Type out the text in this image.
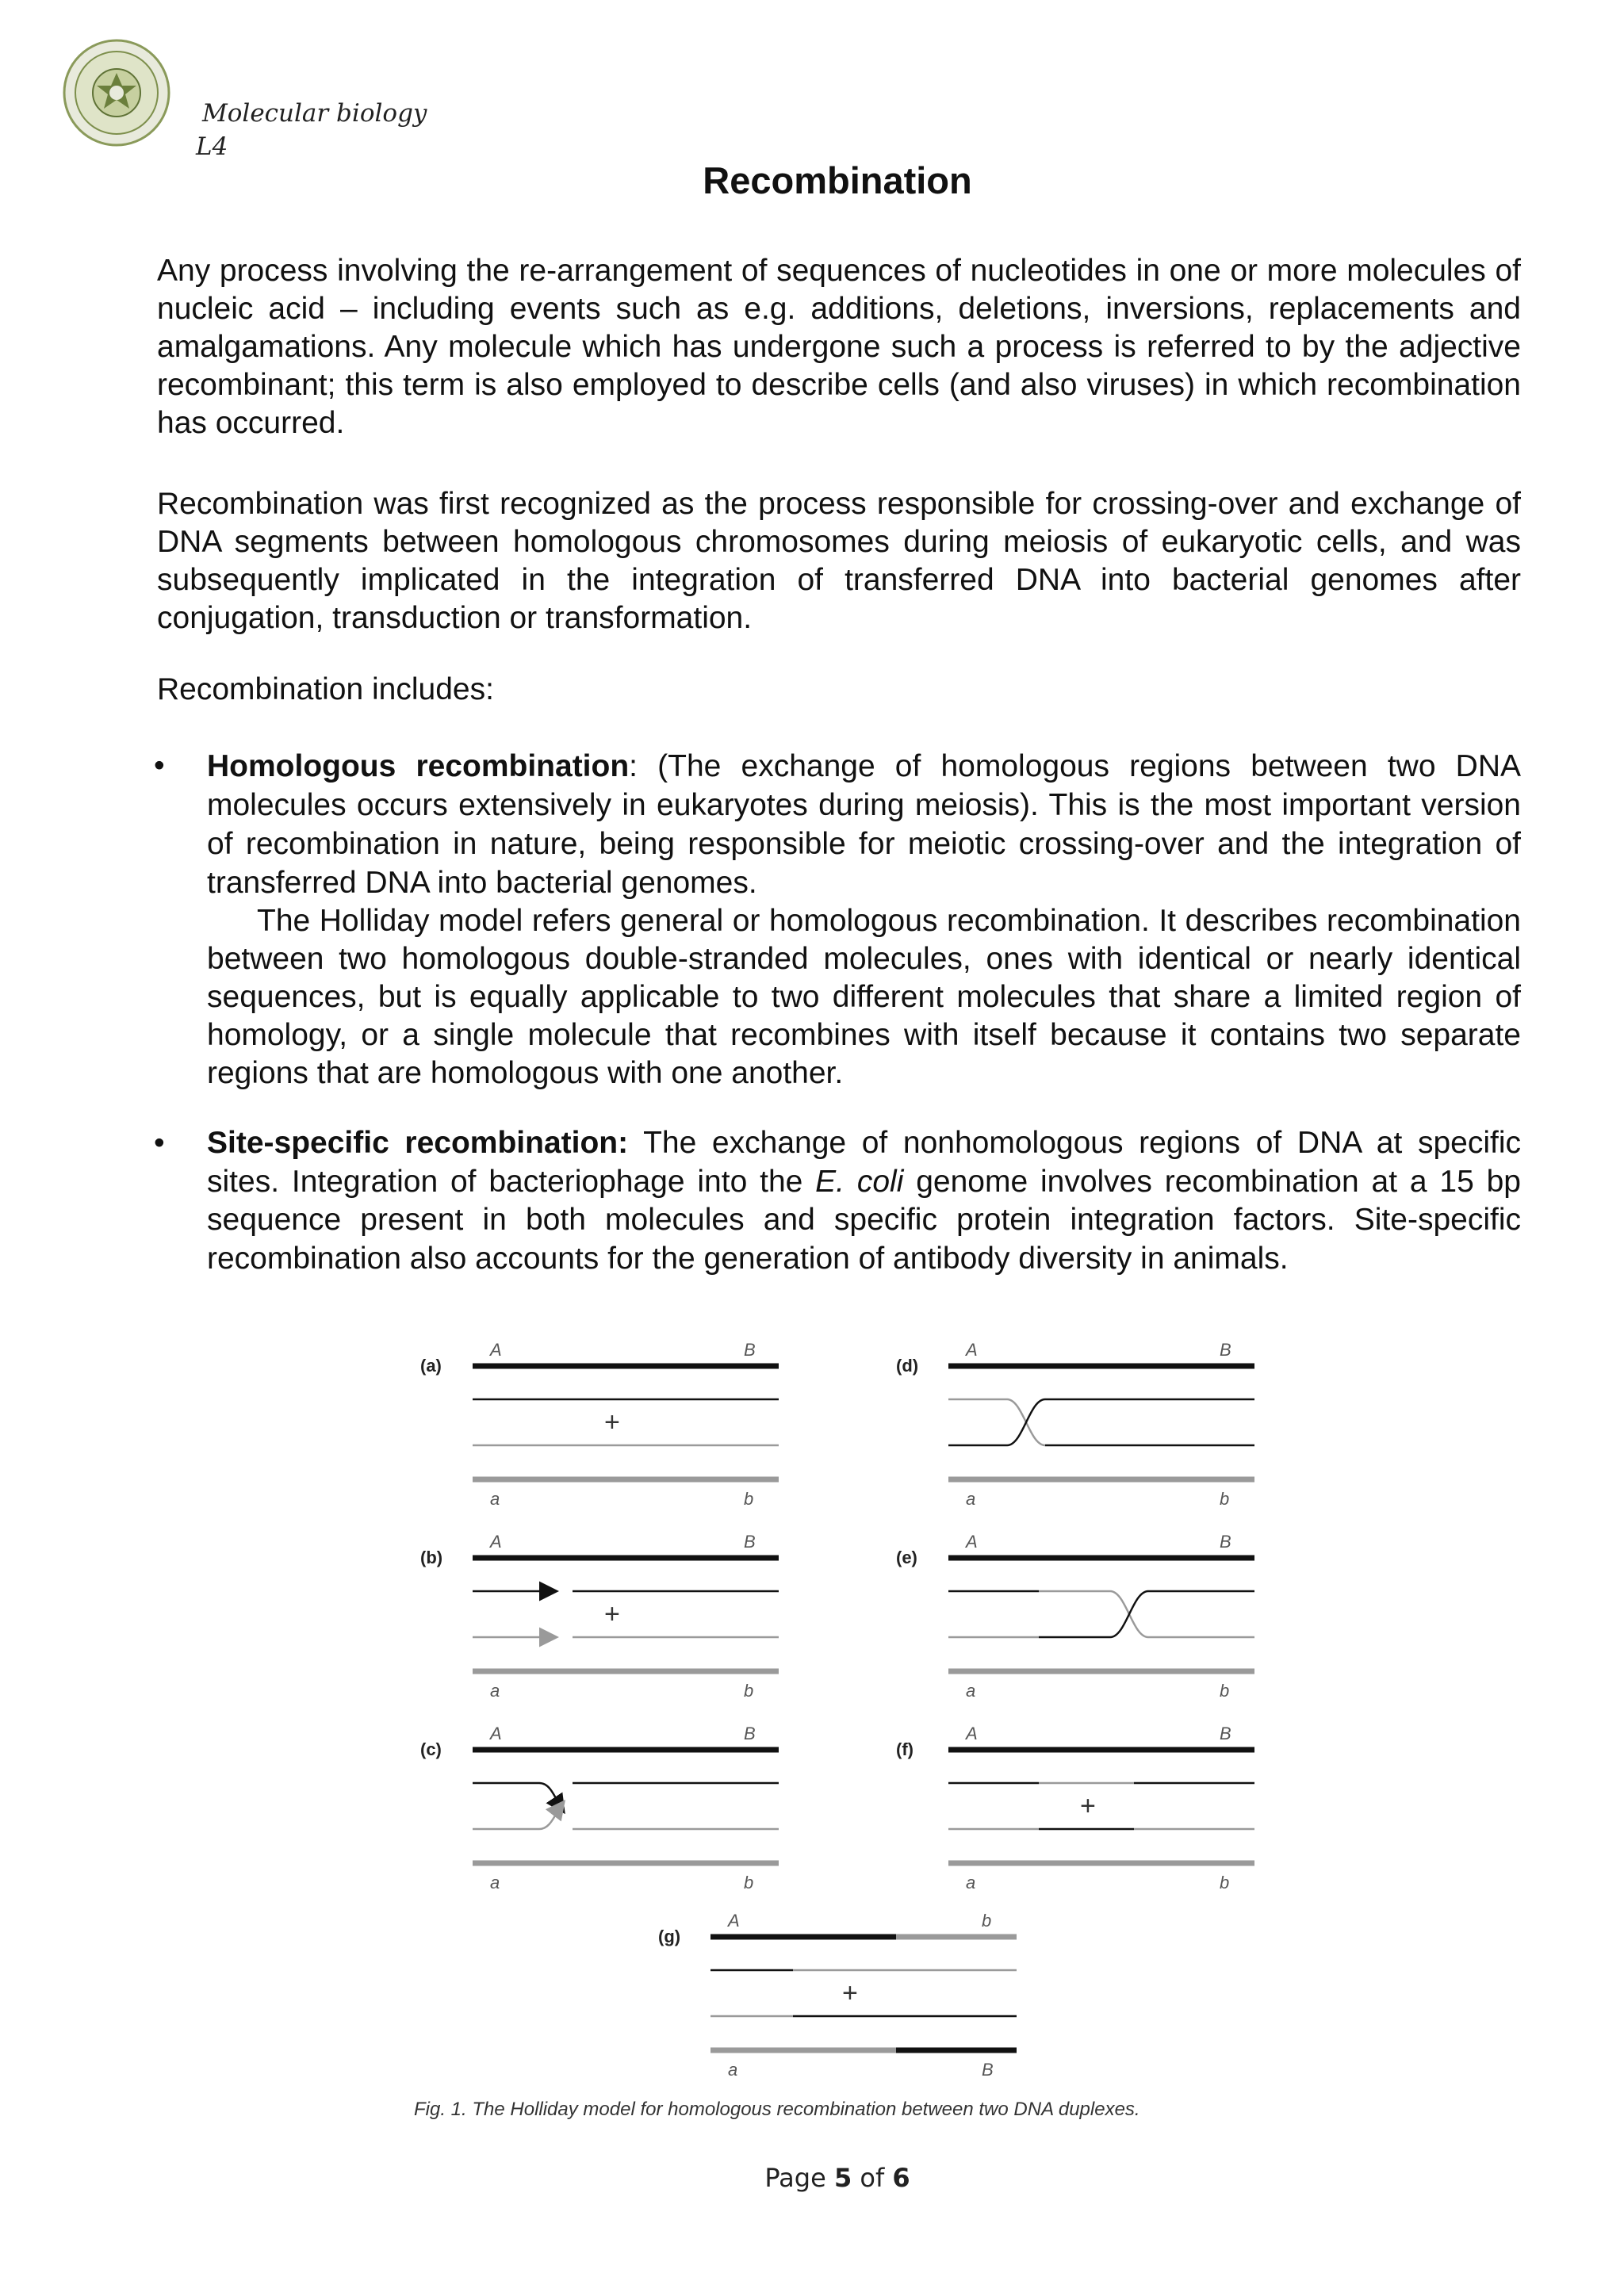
Molecular biology
L4
Recombination

Any process involving the re-arrangement of sequences of nucleotides in one or more molecules of nucleic acid – including events such as e.g. additions, deletions, inversions, replacements and amalgamations. Any molecule which has undergone such a process is referred to by the adjective recombinant; this term is also employed to describe cells (and also viruses) in which recombination has occurred.

Recombination was first recognized as the process responsible for crossing-over and exchange of DNA segments between homologous chromosomes during meiosis of eukaryotic cells, and was subsequently implicated in the integration of transferred DNA into bacterial genomes after conjugation, transduction or transformation.

Recombination includes:

•	Homologous recombination: (The exchange of homologous regions between two DNA molecules occurs extensively in eukaryotes during meiosis). This is the most important version of recombination in nature, being responsible for meiotic crossing-over and the integration of transferred DNA into bacterial genomes.

The Holliday model refers general or homologous recombination. It describes recombination between two homologous double-stranded molecules, ones with identical or nearly identical sequences, but is equally applicable to two different molecules that share a limited region of homology, or a single molecule that recombines with itself because it contains two separate regions that are homologous with one another.

•	Site-specific recombination: The exchange of nonhomologous regions of DNA at specific sites. Integration of bacteriophage into the E. coli genome involves recombination at a 15 bp sequence present in both molecules and specific protein integration factors. Site-specific recombination also accounts for the generation of antibody diversity in animals.

(a)
A	B
+
a	b
(b)
A	B
+
a	b
(c)
A	B
a	b
(d)
A	B
a	b
(e)
A	B
a	b
(f)
A	B
+
a	b
(g)
A	b
+
a	B
Fig. 1. The Holliday model for homologous recombination between two DNA duplexes.
Page 5 of 6
